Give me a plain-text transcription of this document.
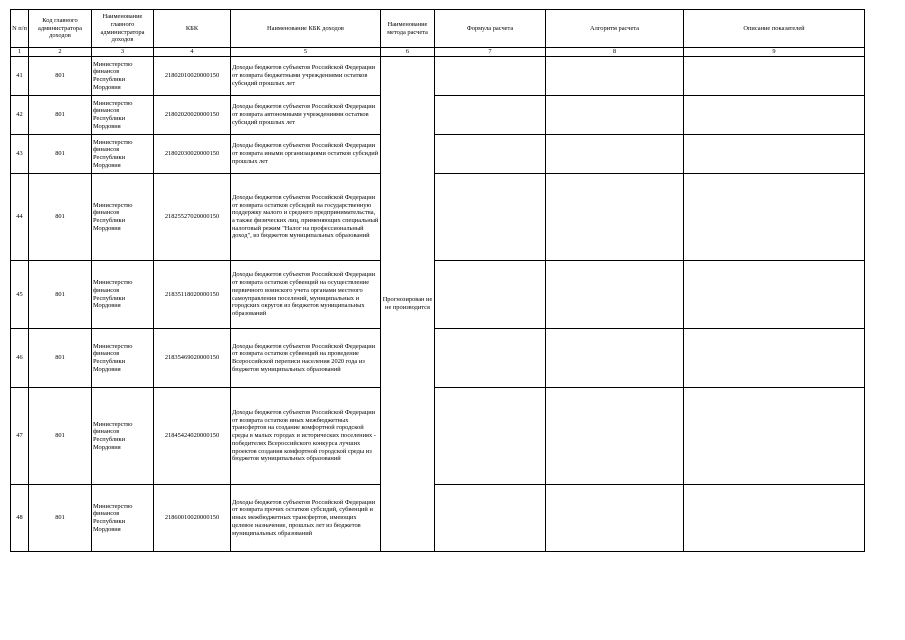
N п/п	Код главного администратора доходов	Наименование главного администратора доходов	КБК	Наименование КБК доходов	Наименование метода расчета	Формула расчета	Алгоритм расчета	Описание показателей
1	2	3	4	5	6	7	8	9
41	801	Министерство финансов Республики Мордовия	21802010020000150	Доходы бюджетов субъектов Российской Федерации от возврата бюджетными учреждениями остатков субсидий прошлых лет	Прогнозирован ие не производится			
42	801	Министерство финансов Республики Мордовия	21802020020000150	Доходы бюджетов субъектов Российской Федерации от возврата автономными учреждениями остатков субсидий прошлых лет				
43	801	Министерство финансов Республики Мордовия	21802030020000150	Доходы бюджетов субъектов Российской Федерации от возврата иными организациями остатков субсидий прошлых лет				
44	801	Министерство финансов Республики Мордовия	21825527020000150	Доходы бюджетов субъектов Российской Федерации от возврата остатков субсидий на государственную поддержку малого и среднего предпринимательства, а также физических лиц, применяющих специальный налоговый режим "Налог на профессиональный доход", из бюджетов муниципальных образований				
45	801	Министерство финансов Республики Мордовия	21835118020000150	Доходы бюджетов субъектов Российской Федерации от возврата остатков субвенций на осуществление первичного воинского учета органами местного самоуправления поселений, муниципальных и городских округов из бюджетов муниципальных образований				
46	801	Министерство финансов Республики Мордовия	21835469020000150	Доходы бюджетов субъектов Российской Федерации от возврата остатков субвенций на проведение Всероссийской переписи населения 2020 года из бюджетов муниципальных образований				
47	801	Министерство финансов Республики Мордовия	21845424020000150	Доходы бюджетов субъектов Российской Федерации от возврата остатков иных межбюджетных трансфертов на создание комфортной городской среды в малых городах и исторических поселениях - победителях Всероссийского конкурса лучших проектов создания комфортной городской среды из бюджетов муниципальных образований				
48	801	Министерство финансов Республики Мордовия	21860010020000150	Доходы бюджетов субъектов Российской Федерации от возврата прочих остатков субсидий, субвенций и иных межбюджетных трансфертов, имеющих целевое назначение, прошлых лет из бюджетов муниципальных образований				
